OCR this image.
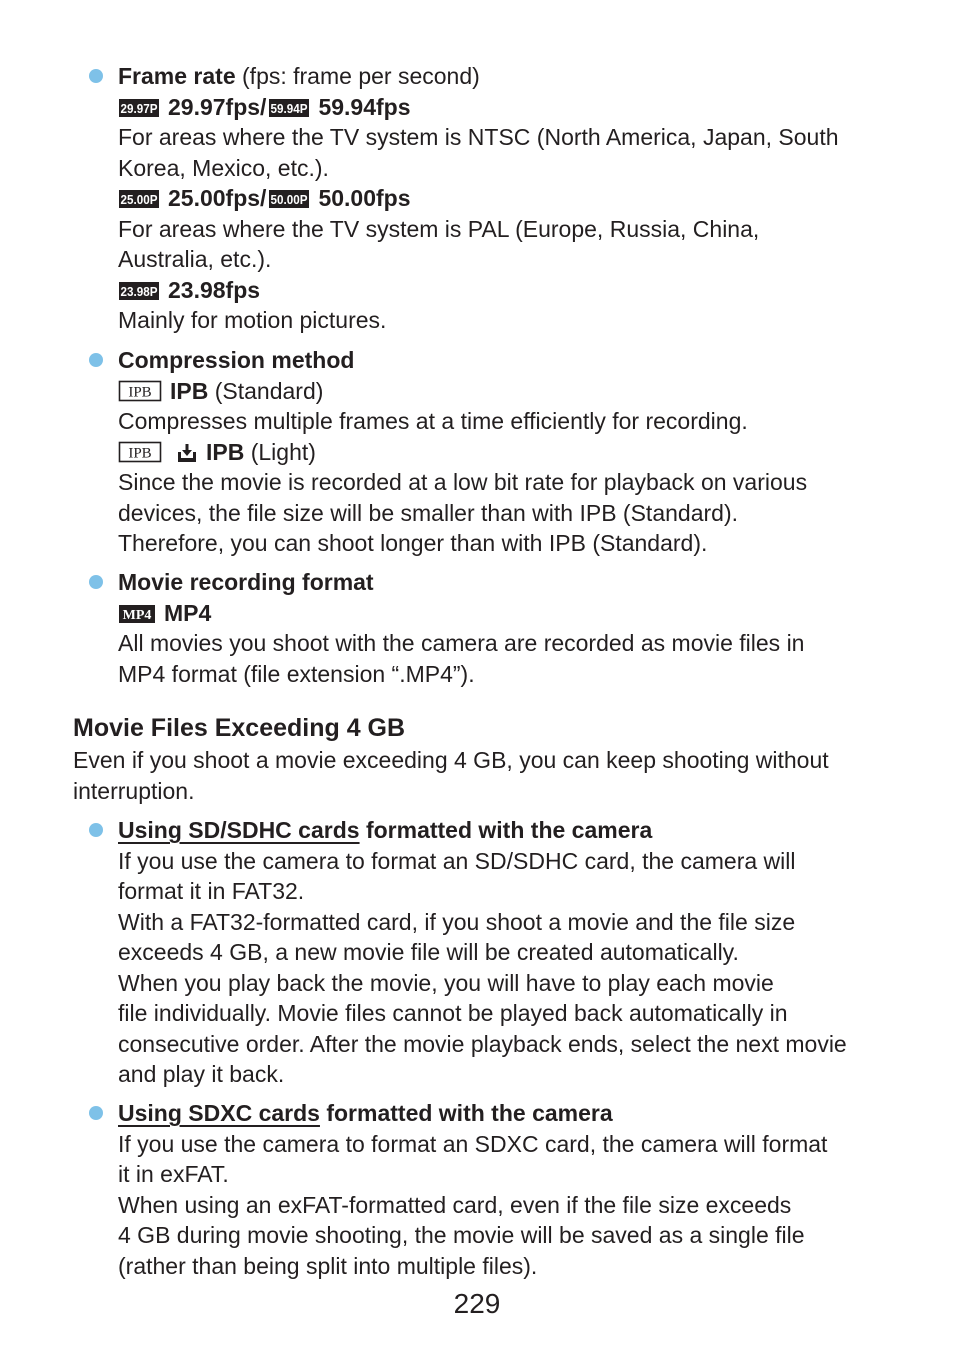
Frame rate (fps: frame per second)
29.97P 29.97fps/ 59.94P 59.94fps
For areas where the TV system is NTSC (North America, Japan, South
Korea, Mexico, etc.).
25.00P 25.00fps/ 50.00P 50.00fps
For areas where the TV system is PAL (Europe, Russia, China,
Australia, etc.).
23.98P 23.98fps
Mainly for motion pictures.
Compression method
IPB IPB (Standard)
Compresses multiple frames at a time efficiently for recording.
IPB IPB (Light)
Since the movie is recorded at a low bit rate for playback on various
devices, the file size will be smaller than with IPB (Standard).
Therefore, you can shoot longer than with IPB (Standard).
Movie recording format
MP4 MP4
All movies you shoot with the camera are recorded as movie files in
MP4 format (file extension “.MP4”).
Movie Files Exceeding 4 GB
Even if you shoot a movie exceeding 4 GB, you can keep shooting without
interruption.
Using SD/SDHC cards formatted with the camera
If you use the camera to format an SD/SDHC card, the camera will
format it in FAT32.
With a FAT32-formatted card, if you shoot a movie and the file size
exceeds 4 GB, a new movie file will be created automatically.
When you play back the movie, you will have to play each movie
file individually. Movie files cannot be played back automatically in
consecutive order. After the movie playback ends, select the next movie
and play it back.
Using SDXC cards formatted with the camera
If you use the camera to format an SDXC card, the camera will format
it in exFAT.
When using an exFAT-formatted card, even if the file size exceeds
4 GB during movie shooting, the movie will be saved as a single file
(rather than being split into multiple files).
229
